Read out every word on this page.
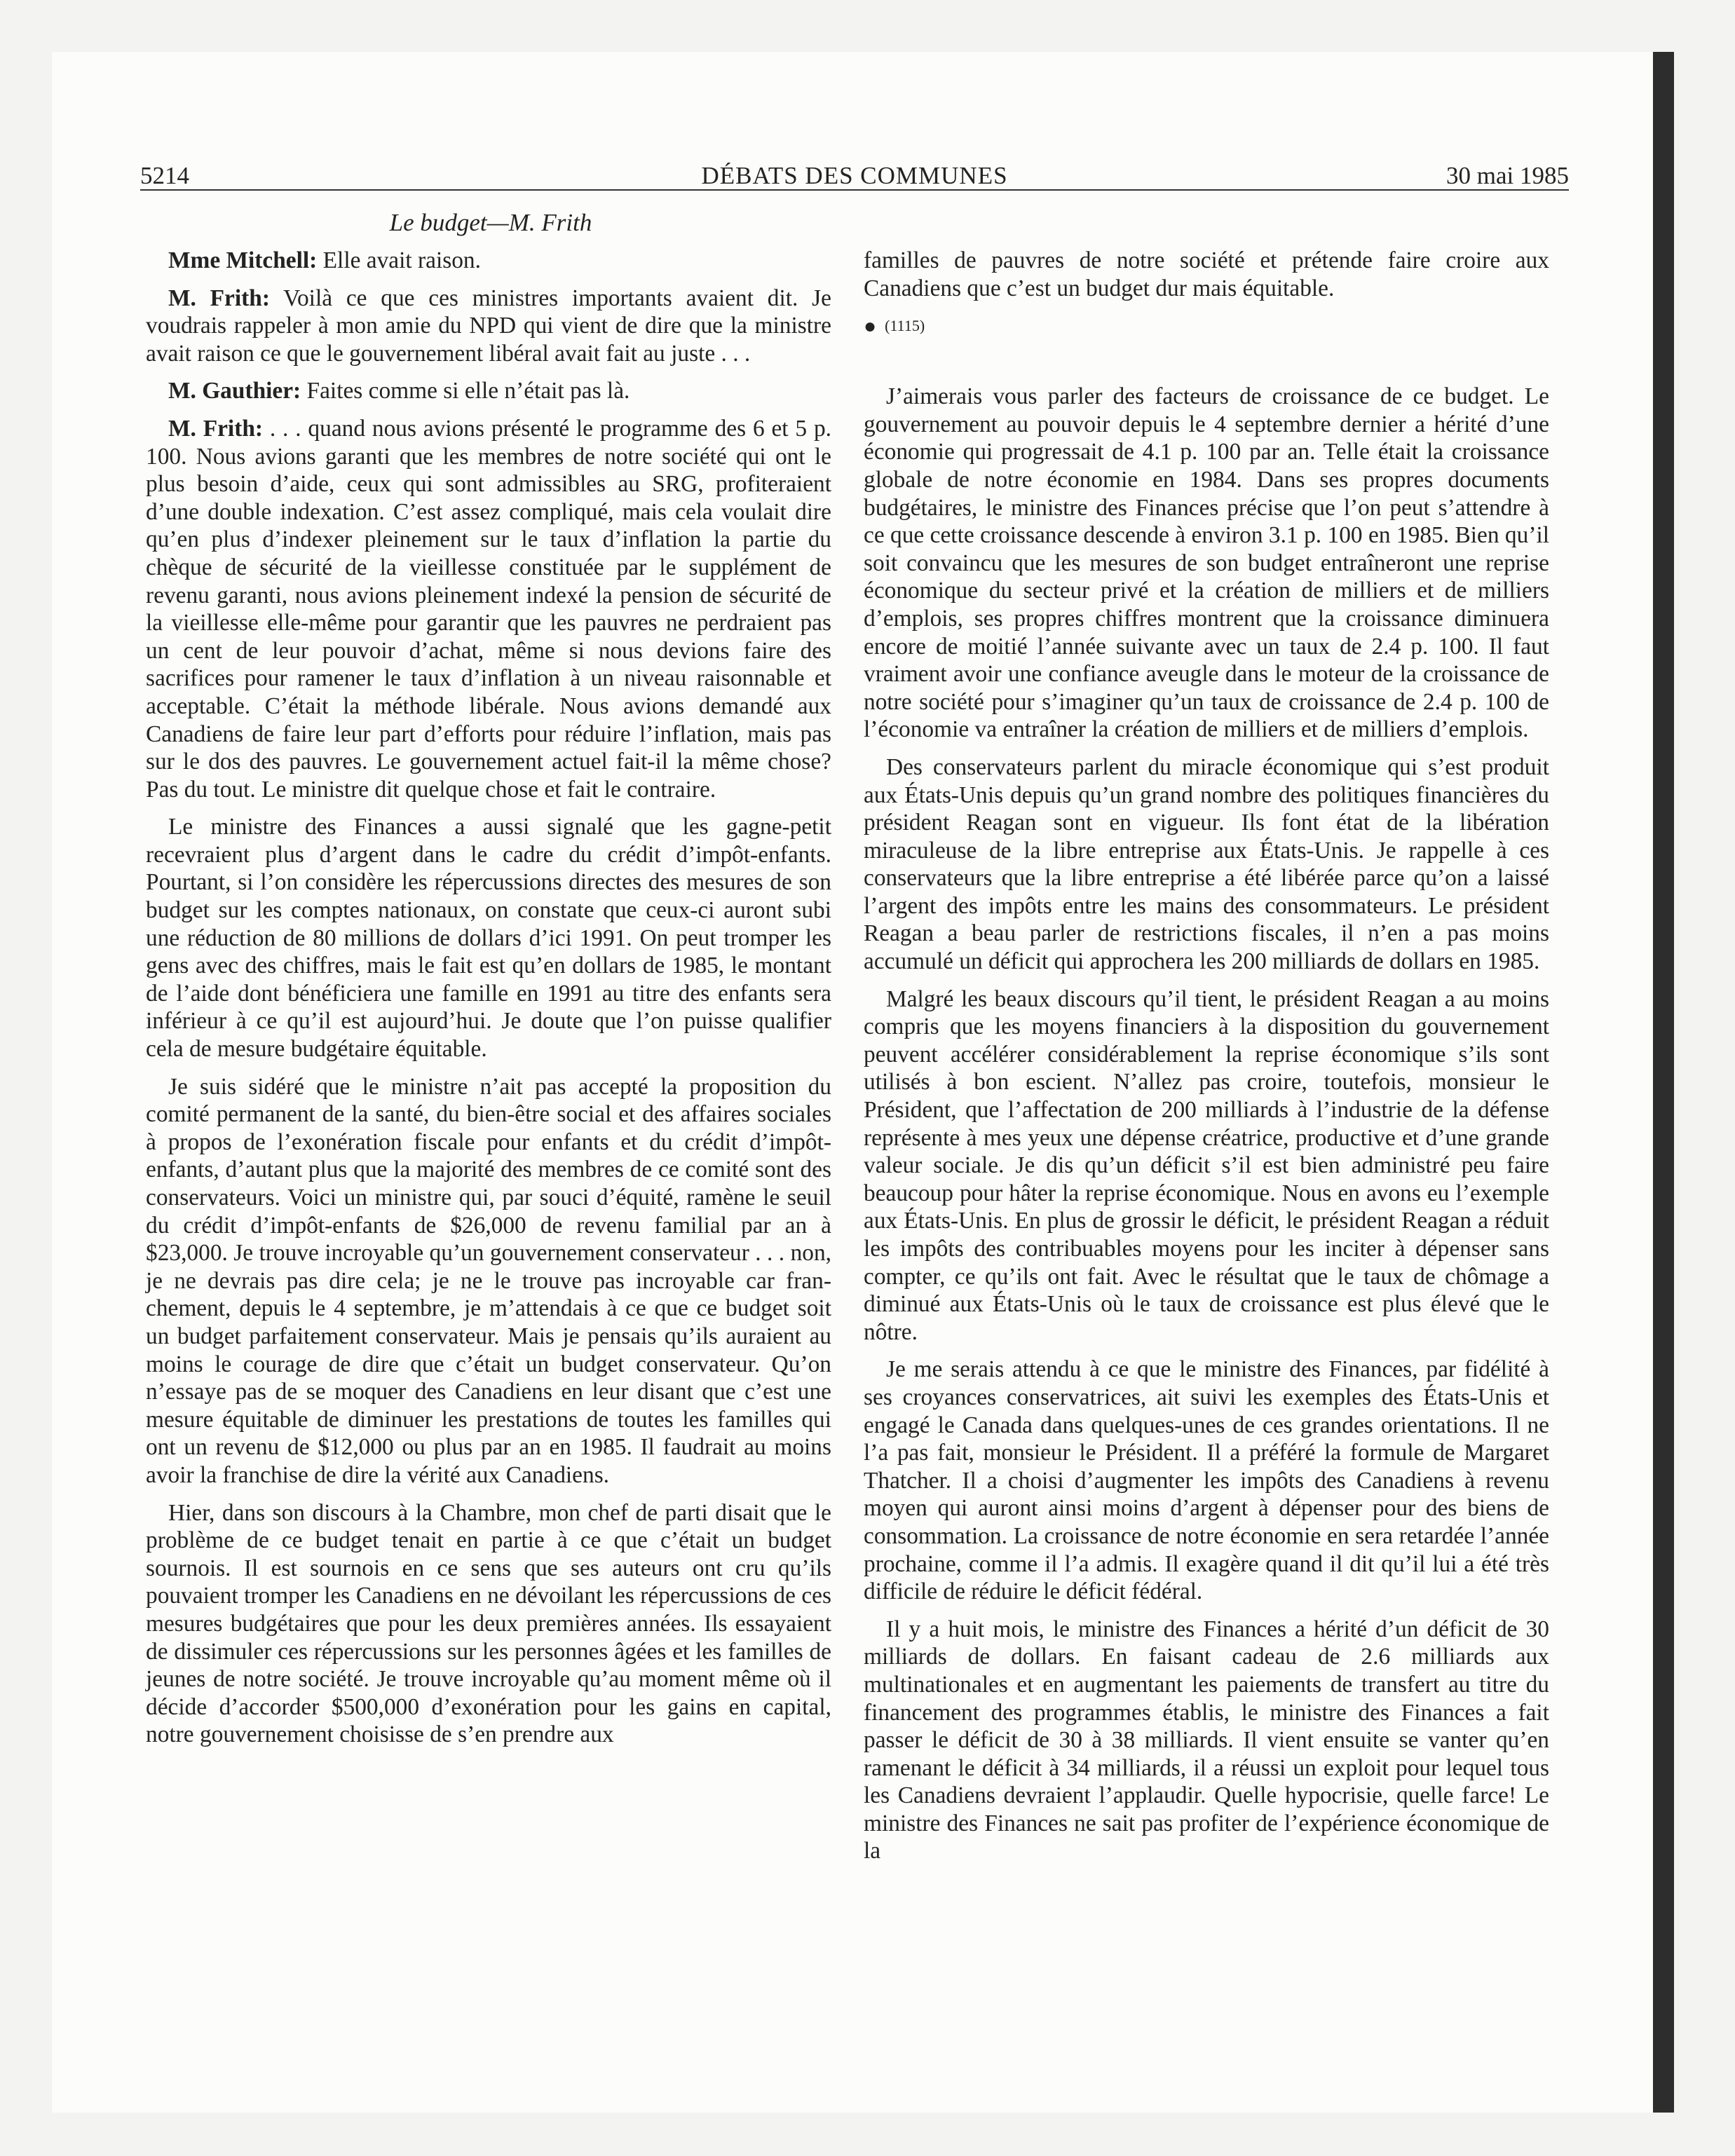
5214	DÉBATS DES COMMUNES	30 mai 1985
Le budget—M. Frith

Mme Mitchell: Elle avait raison.

M. Frith: Voilà ce que ces ministres importants avaient dit. Je voudrais rappeler à mon amie du NPD qui vient de dire que la ministre avait raison ce que le gouvernement libéral avait fait au juste . . .

M. Gauthier: Faites comme si elle n’était pas là.

M. Frith: . . . quand nous avions présenté le programme des 6 et 5 p. 100. Nous avions garanti que les membres de notre société qui ont le plus besoin d’aide, ceux qui sont admissibles au SRG, profiteraient d’une double indexation. C’est assez compliqué, mais cela voulait dire qu’en plus d’indexer pleinement sur le taux d’inflation la partie du chèque de sécurité de la vieillesse constituée par le supplément de revenu garanti, nous avions pleinement indexé la pension de sécurité de la vieillesse elle-même pour garantir que les pauvres ne perdraient pas un cent de leur pouvoir d’achat, même si nous devions faire des sacrifices pour ramener le taux d’inflation à un niveau raisonnable et acceptable. C’était la méthode libérale. Nous avions demandé aux Canadiens de faire leur part d’efforts pour réduire l’inflation, mais pas sur le dos des pauvres. Le gouvernement actuel fait-il la même chose? Pas du tout. Le ministre dit quelque chose et fait le contraire.

Le ministre des Finances a aussi signalé que les gagne-petit recevraient plus d’argent dans le cadre du crédit d’impôt-enfants. Pourtant, si l’on considère les répercussions directes des mesures de son budget sur les comptes nationaux, on constate que ceux-ci auront subi une réduction de 80 millions de dollars d’ici 1991. On peut tromper les gens avec des chiffres, mais le fait est qu’en dollars de 1985, le montant de l’aide dont bénéficiera une famille en 1991 au titre des enfants sera inférieur à ce qu’il est aujourd’hui. Je doute que l’on puisse qualifier cela de mesure budgétaire équitable.

Je suis sidéré que le ministre n’ait pas accepté la proposition du comité permanent de la santé, du bien-être social et des affaires sociales à propos de l’exonération fiscale pour enfants et du crédit d’impôt-enfants, d’autant plus que la majorité des membres de ce comité sont des conservateurs. Voici un ministre qui, par souci d’équité, ramène le seuil du crédit d’impôt-enfants de $26,000 de revenu familial par an à $23,000. Je trouve incroyable qu’un gouvernement conservateur . . . non, je ne devrais pas dire cela; je ne le trouve pas incroyable car franchement, depuis le 4 septembre, je m’attendais à ce que ce budget soit un budget parfaitement conservateur. Mais je pensais qu’ils auraient au moins le courage de dire que c’était un budget conservateur. Qu’on n’essaye pas de se moquer des Canadiens en leur disant que c’est une mesure équitable de diminuer les prestations de toutes les familles qui ont un revenu de $12,000 ou plus par an en 1985. Il faudrait au moins avoir la franchise de dire la vérité aux Canadiens.

Hier, dans son discours à la Chambre, mon chef de parti disait que le problème de ce budget tenait en partie à ce que c’était un budget sournois. Il est sournois en ce sens que ses auteurs ont cru qu’ils pouvaient tromper les Canadiens en ne dévoilant les répercussions de ces mesures budgétaires que pour les deux premières années. Ils essayaient de dissimuler ces répercussions sur les personnes âgées et les familles de jeunes de notre société. Je trouve incroyable qu’au moment même où il décide d’accorder $500,000 d’exonération pour les gains en capital, notre gouvernement choisisse de s’en prendre aux

familles de pauvres de notre société et prétende faire croire aux Canadiens que c’est un budget dur mais équitable.

● (1115)

J’aimerais vous parler des facteurs de croissance de ce budget. Le gouvernement au pouvoir depuis le 4 septembre dernier a hérité d’une économie qui progressait de 4.1 p. 100 par an. Telle était la croissance globale de notre économie en 1984. Dans ses propres documents budgétaires, le ministre des Finances précise que l’on peut s’attendre à ce que cette croissance descende à environ 3.1 p. 100 en 1985. Bien qu’il soit convaincu que les mesures de son budget entraîneront une reprise économique du secteur privé et la création de milliers et de milliers d’emplois, ses propres chiffres montrent que la croissance diminuera encore de moitié l’année suivante avec un taux de 2.4 p. 100. Il faut vraiment avoir une confiance aveugle dans le moteur de la croissance de notre société pour s’imaginer qu’un taux de croissance de 2.4 p. 100 de l’économie va entraîner la création de milliers et de milliers d’emplois.

Des conservateurs parlent du miracle économique qui s’est produit aux États-Unis depuis qu’un grand nombre des politiques financières du président Reagan sont en vigueur. Ils font état de la libération miraculeuse de la libre entreprise aux États-Unis. Je rappelle à ces conservateurs que la libre entreprise a été libérée parce qu’on a laissé l’argent des impôts entre les mains des consommateurs. Le président Reagan a beau parler de restrictions fiscales, il n’en a pas moins accumulé un déficit qui approchera les 200 milliards de dollars en 1985.

Malgré les beaux discours qu’il tient, le président Reagan a au moins compris que les moyens financiers à la disposition du gouvernement peuvent accélérer considérablement la reprise économique s’ils sont utilisés à bon escient. N’allez pas croire, toutefois, monsieur le Président, que l’affectation de 200 milliards à l’industrie de la défense représente à mes yeux une dépense créatrice, productive et d’une grande valeur sociale. Je dis qu’un déficit s’il est bien administré peu faire beaucoup pour hâter la reprise économique. Nous en avons eu l’exemple aux États-Unis. En plus de grossir le déficit, le président Reagan a réduit les impôts des contribuables moyens pour les inciter à dépenser sans compter, ce qu’ils ont fait. Avec le résultat que le taux de chômage a diminué aux États-Unis où le taux de croissance est plus élevé que le nôtre.

Je me serais attendu à ce que le ministre des Finances, par fidélité à ses croyances conservatrices, ait suivi les exemples des États-Unis et engagé le Canada dans quelques-unes de ces grandes orientations. Il ne l’a pas fait, monsieur le Président. Il a préféré la formule de Margaret Thatcher. Il a choisi d’augmenter les impôts des Canadiens à revenu moyen qui auront ainsi moins d’argent à dépenser pour des biens de consommation. La croissance de notre économie en sera retardée l’année prochaine, comme il l’a admis. Il exagère quand il dit qu’il lui a été très difficile de réduire le déficit fédéral.

Il y a huit mois, le ministre des Finances a hérité d’un déficit de 30 milliards de dollars. En faisant cadeau de 2.6 milliards aux multinationales et en augmentant les paiements de transfert au titre du financement des programmes établis, le ministre des Finances a fait passer le déficit de 30 à 38 milliards. Il vient ensuite se vanter qu’en ramenant le déficit à 34 milliards, il a réussi un exploit pour lequel tous les Canadiens devraient l’applaudir. Quelle hypocrisie, quelle farce! Le ministre des Finances ne sait pas profiter de l’expérience économique de la
